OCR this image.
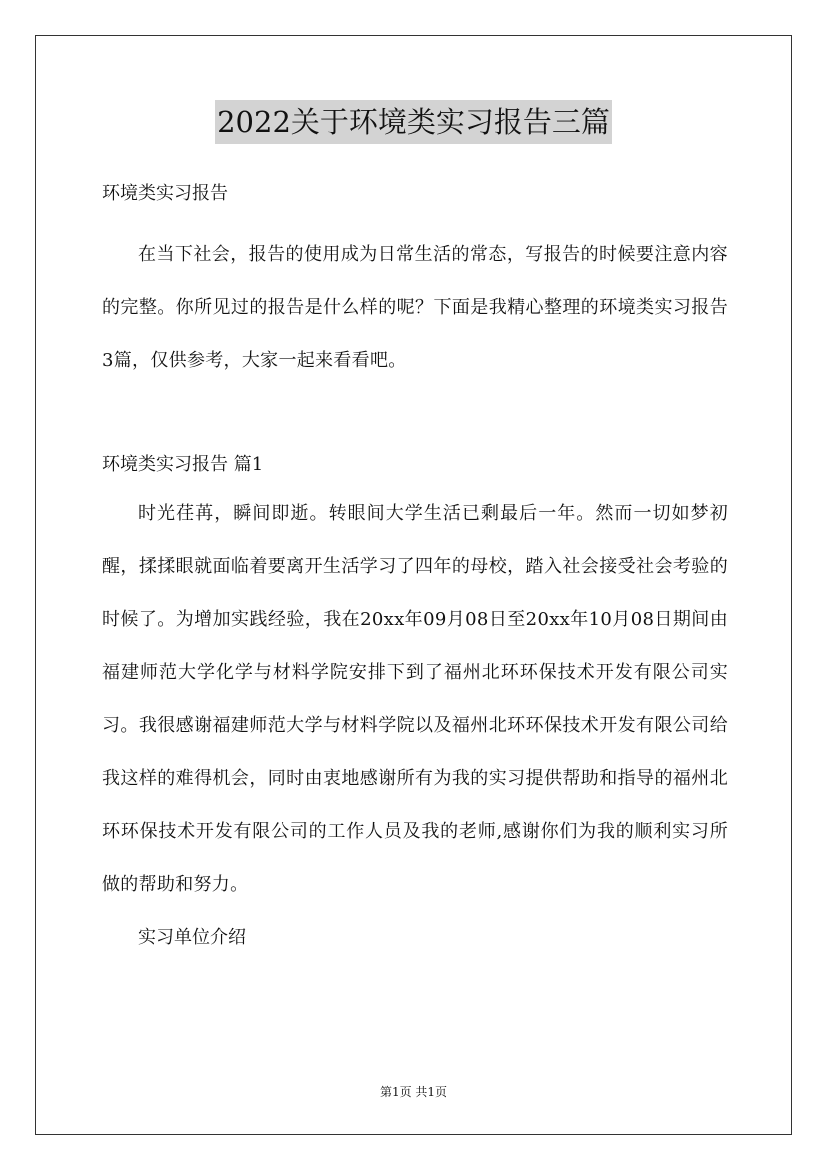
2022关于环境类实习报告三篇

环境类实习报告

在当下社会，报告的使用成为日常生活的常态，写报告的时候要注意内容的完整。你所见过的报告是什么样的呢？下面是我精心整理的环境类实习报告3篇，仅供参考，大家一起来看看吧。

环境类实习报告 篇1

时光荏苒，瞬间即逝。转眼间大学生活已剩最后一年。然而一切如梦初醒，揉揉眼就面临着要离开生活学习了四年的母校，踏入社会接受社会考验的时候了。为增加实践经验，我在20xx年09月08日至20xx年10月08日期间由福建师范大学化学与材料学院安排下到了福州北环环保技术开发有限公司实习。我很感谢福建师范大学与材料学院以及福州北环环保技术开发有限公司给我这样的难得机会，同时由衷地感谢所有为我的实习提供帮助和指导的福州北环环保技术开发有限公司的工作人员及我的老师,感谢你们为我的顺利实习所做的帮助和努力。

实习单位介绍

第1页 共1页
